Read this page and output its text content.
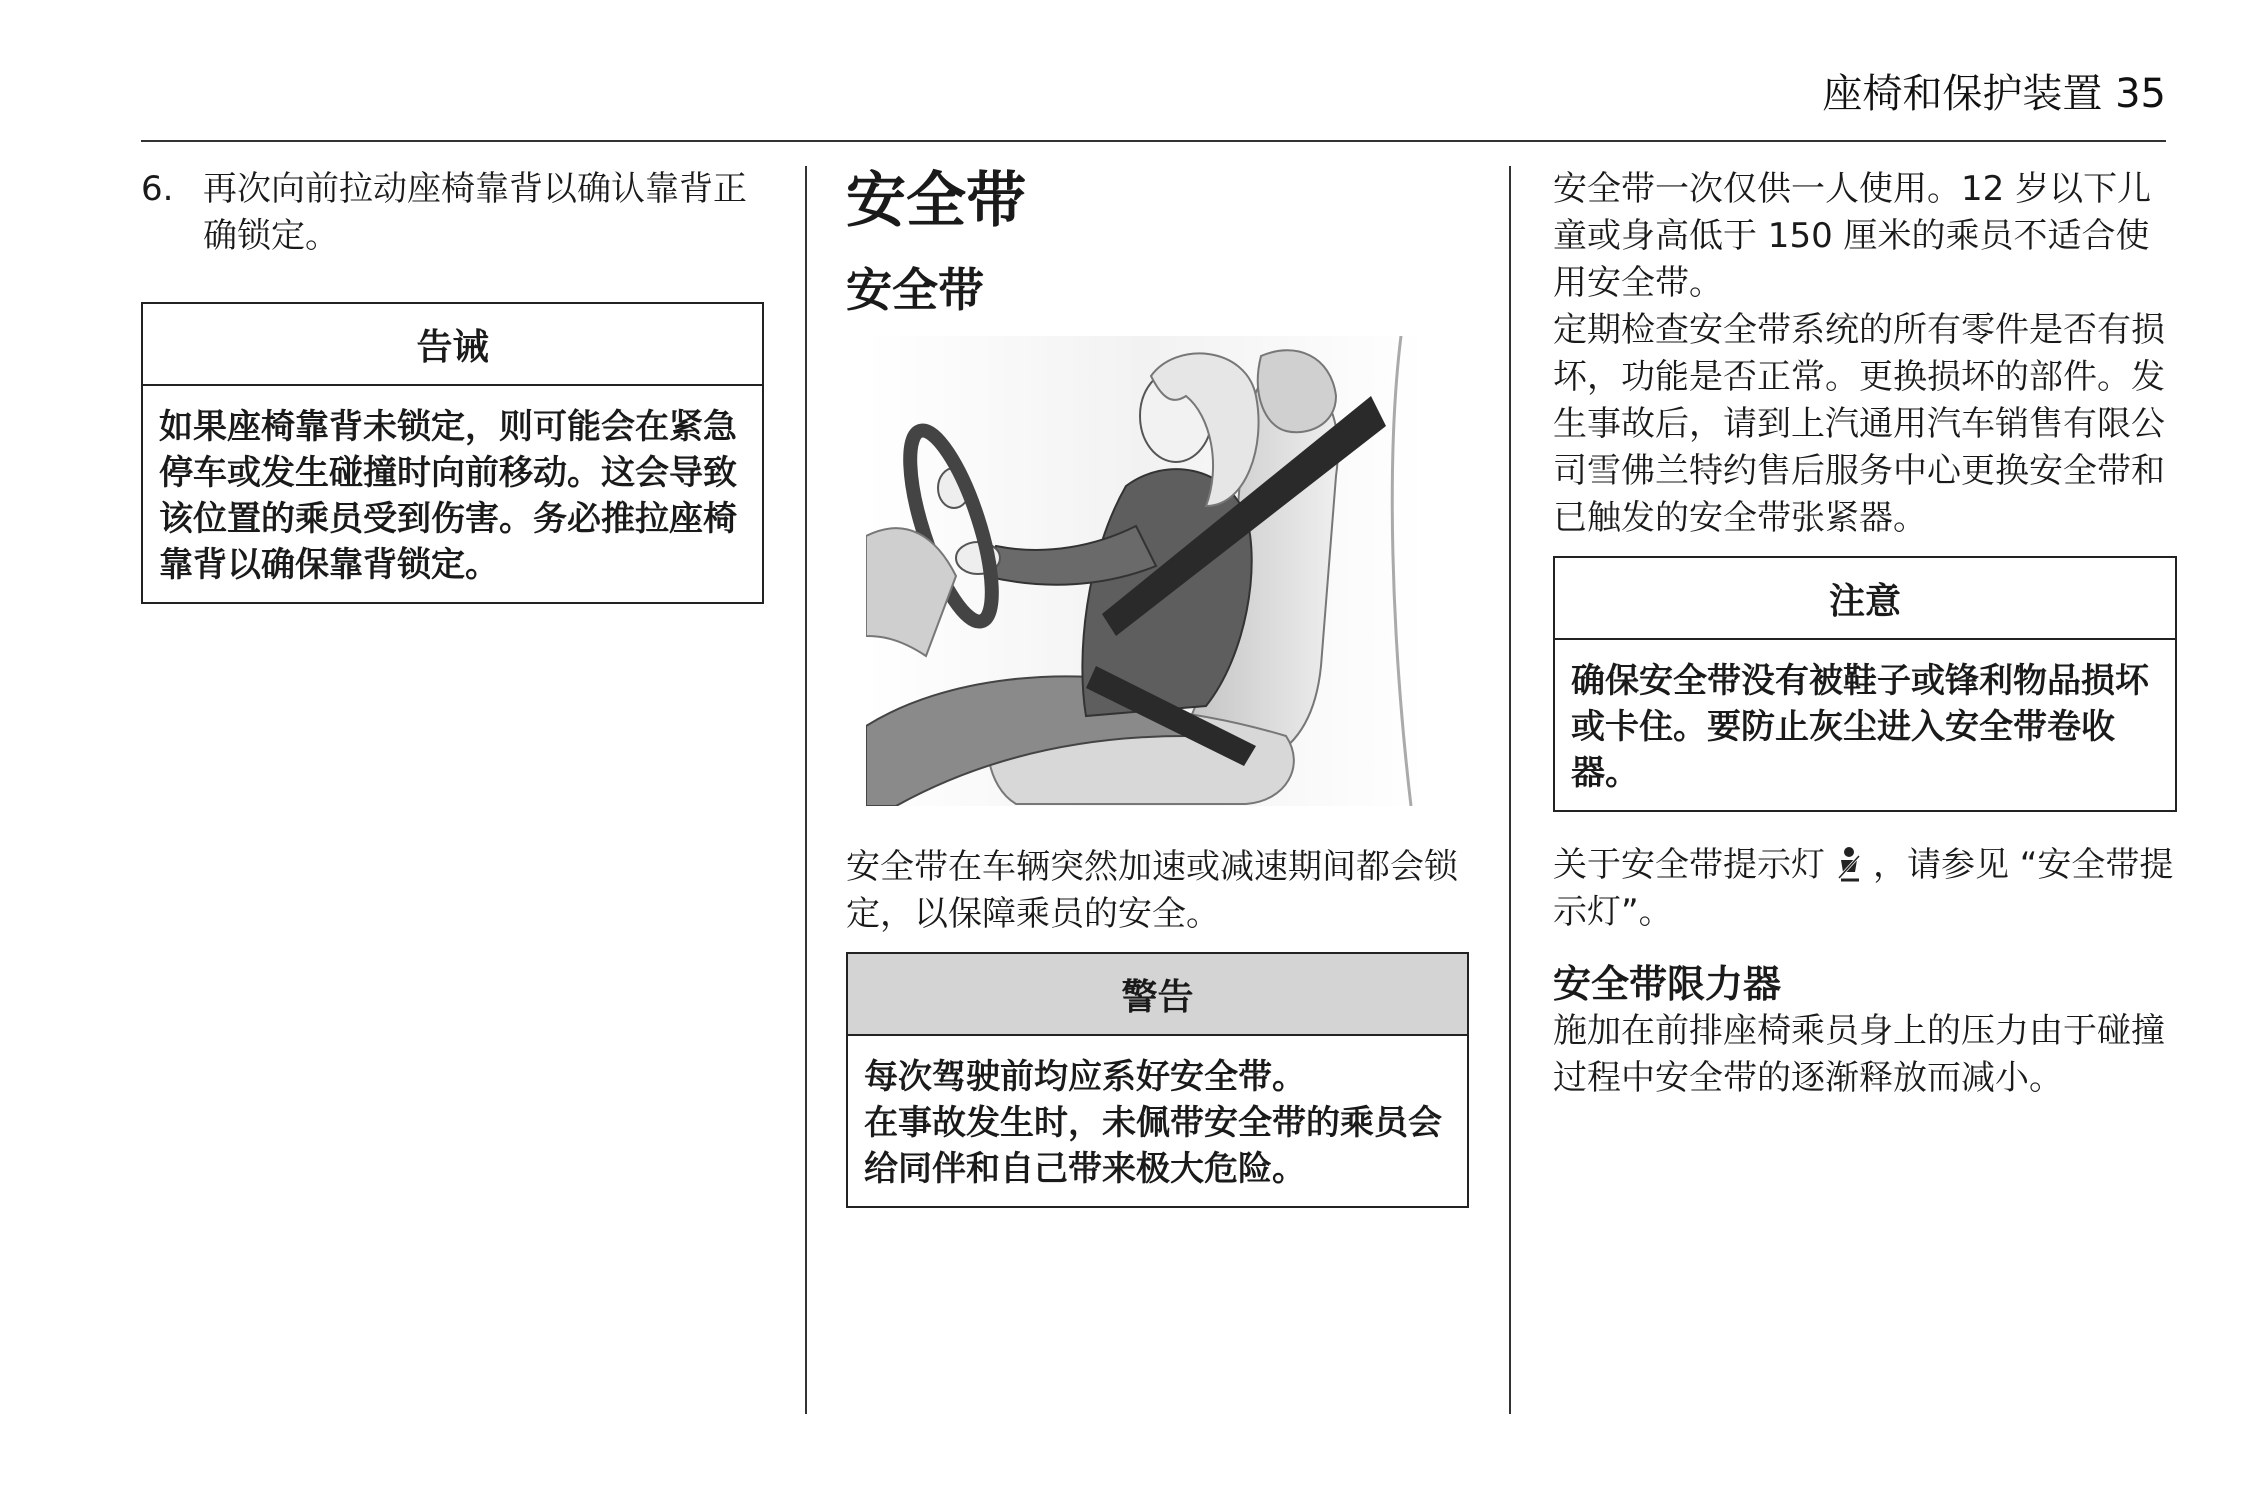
座椅和保护装置 35
6. 再次向前拉动座椅靠背以确认靠背正确锁定。
告诫
如果座椅靠背未锁定，则可能会在紧急停车或发生碰撞时向前移动。这会导致该位置的乘员受到伤害。务必推拉座椅靠背以确保靠背锁定。
安全带
安全带
安全带在车辆突然加速或减速期间都会锁定，以保障乘员的安全。
警告
每次驾驶前均应系好安全带。
在事故发生时，未佩带安全带的乘员会给同伴和自己带来极大危险。
安全带一次仅供一人使用。12 岁以下儿童或身高低于 150 厘米的乘员不适合使用安全带。
定期检查安全带系统的所有零件是否有损坏，功能是否正常。更换损坏的部件。发生事故后，请到上汽通用汽车销售有限公司雪佛兰特约售后服务中心更换安全带和已触发的安全带张紧器。
注意
确保安全带没有被鞋子或锋利物品损坏或卡住。要防止灰尘进入安全带卷收器。
关于安全带提示灯 ，请参见 “安全带提示灯”。
安全带限力器
施加在前排座椅乘员身上的压力由于碰撞过程中安全带的逐渐释放而减小。
